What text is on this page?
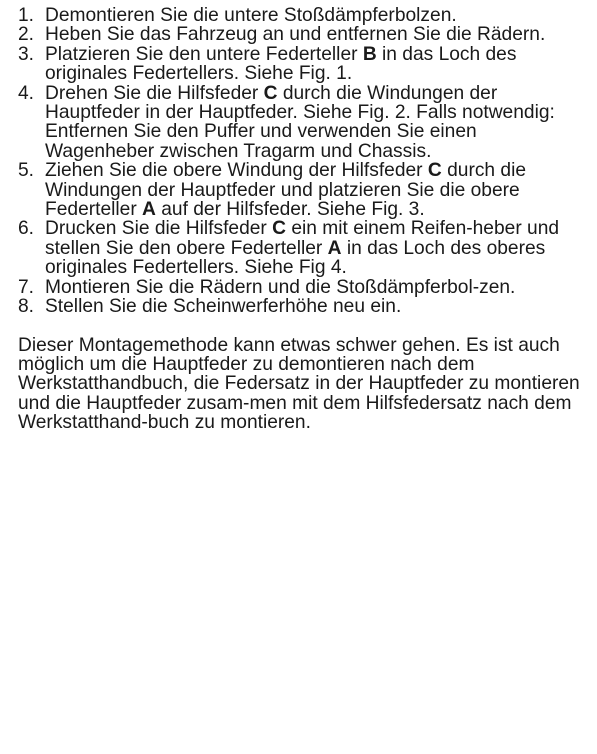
1. Demontieren Sie die untere Stoßdämpferbolzen.
2. Heben Sie das Fahrzeug an und entfernen Sie die Rädern.
3. Platzieren Sie den untere Federteller B in das Loch des originales Federtellers. Siehe Fig. 1.
4. Drehen Sie die Hilfsfeder C durch die Windungen der Hauptfeder in der Hauptfeder. Siehe Fig. 2. Falls notwendig: Entfernen Sie den Puffer und verwenden Sie einen Wagenheber zwischen Tragarm und Chassis.
5. Ziehen Sie die obere Windung der Hilfsfeder C durch die Windungen der Hauptfeder und platzieren Sie die obere Federteller A auf der Hilfsfeder. Siehe Fig. 3.
6. Drucken Sie die Hilfsfeder C ein mit einem Reifen-heber und stellen Sie den obere Federteller A in das Loch des oberes originales Federtellers. Siehe Fig 4.
7. Montieren Sie die Rädern und die Stoßdämpferbol-zen.
8. Stellen Sie die Scheinwerferhöhe neu ein.

Dieser Montagemethode kann etwas schwer gehen. Es ist auch möglich um die Hauptfeder zu demontieren nach dem Werkstatthandbuch, die Federsatz in der Hauptfeder zu montieren und die Hauptfeder zusam-men mit dem Hilfsfedersatz nach dem Werkstatthand-buch zu montieren.
